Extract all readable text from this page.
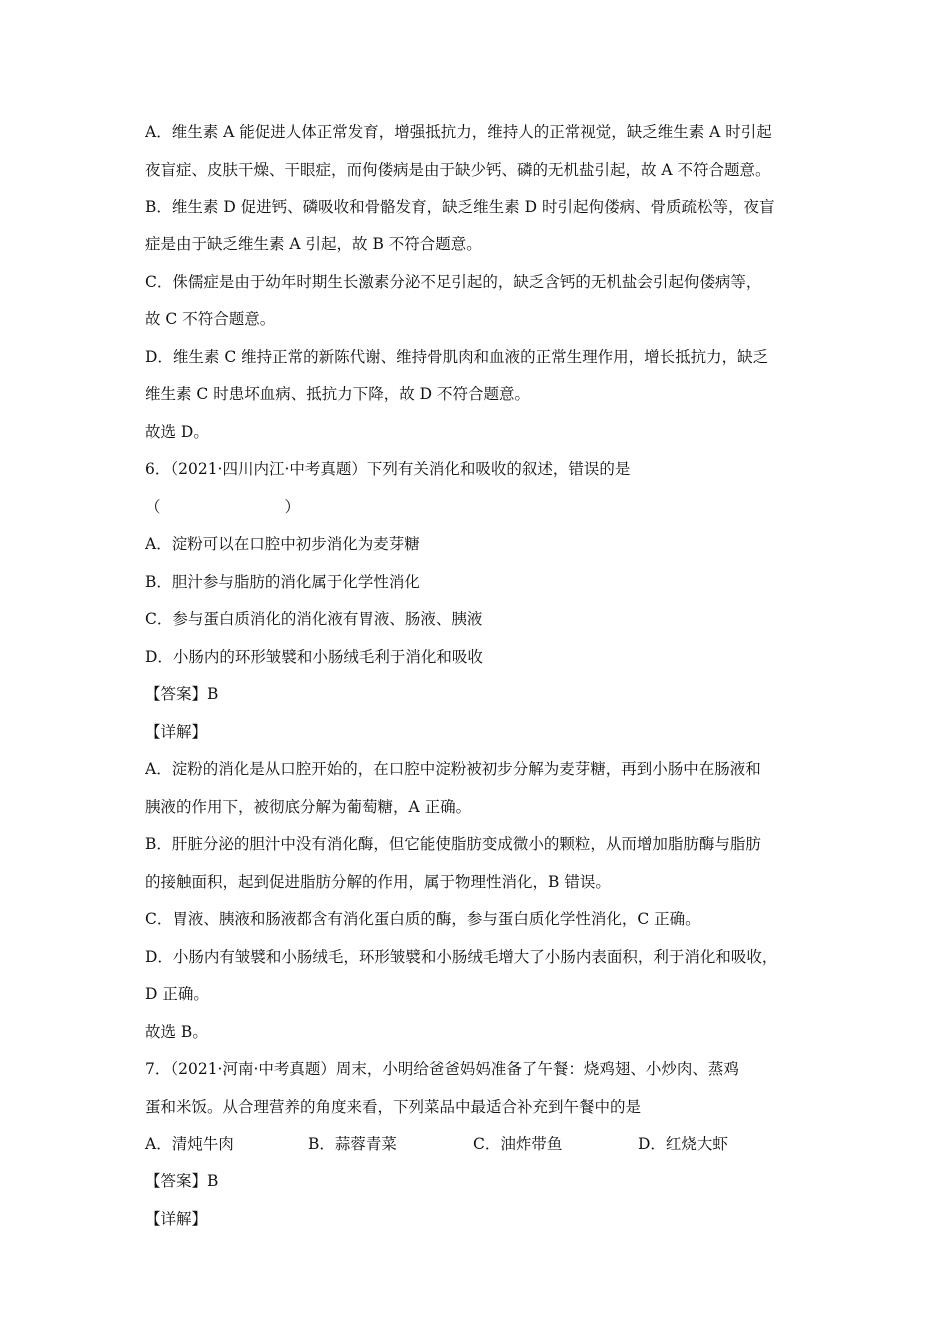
A．维生素 A 能促进人体正常发育，增强抵抗力，维持人的正常视觉，缺乏维生素 A 时引起
夜盲症、皮肤干燥、干眼症，而佝偻病是由于缺少钙、磷的无机盐引起，故 A 不符合题意。
B．维生素 D 促进钙、磷吸收和骨骼发育，缺乏维生素 D 时引起佝偻病、骨质疏松等，夜盲
症是由于缺乏维生素 A 引起，故 B 不符合题意。
C．侏儒症是由于幼年时期生长激素分泌不足引起的，缺乏含钙的无机盐会引起佝偻病等，
故 C 不符合题意。
D．维生素 C 维持正常的新陈代谢、维持骨肌肉和血液的正常生理作用，增长抵抗力，缺乏
维生素 C 时患坏血病、抵抗力下降，故 D 不符合题意。
故选 D。
6．（2021·四川内江·中考真题）下列有关消化和吸收的叙述，错误的是
（　　　　　　　　）
A．淀粉可以在口腔中初步消化为麦芽糖
B．胆汁参与脂肪的消化属于化学性消化
C．参与蛋白质消化的消化液有胃液、肠液、胰液
D．小肠内的环形皱襞和小肠绒毛利于消化和吸收
【答案】B
【详解】
A．淀粉的消化是从口腔开始的，在口腔中淀粉被初步分解为麦芽糖，再到小肠中在肠液和
胰液的作用下，被彻底分解为葡萄糖，A 正确。
B．肝脏分泌的胆汁中没有消化酶，但它能使脂肪变成微小的颗粒，从而增加脂肪酶与脂肪
的接触面积，起到促进脂肪分解的作用，属于物理性消化，B 错误。
C．胃液、胰液和肠液都含有消化蛋白质的酶，参与蛋白质化学性消化，C 正确。
D．小肠内有皱襞和小肠绒毛，环形皱襞和小肠绒毛增大了小肠内表面积，利于消化和吸收，
D 正确。
故选 B。
7．（2021·河南·中考真题）周末，小明给爸爸妈妈准备了午餐：烧鸡翅、小炒肉、蒸鸡
蛋和米饭。从合理营养的角度来看，下列菜品中最适合补充到午餐中的是
A．清炖牛肉	B．蒜蓉青菜	C．油炸带鱼	D．红烧大虾
【答案】B
【详解】
